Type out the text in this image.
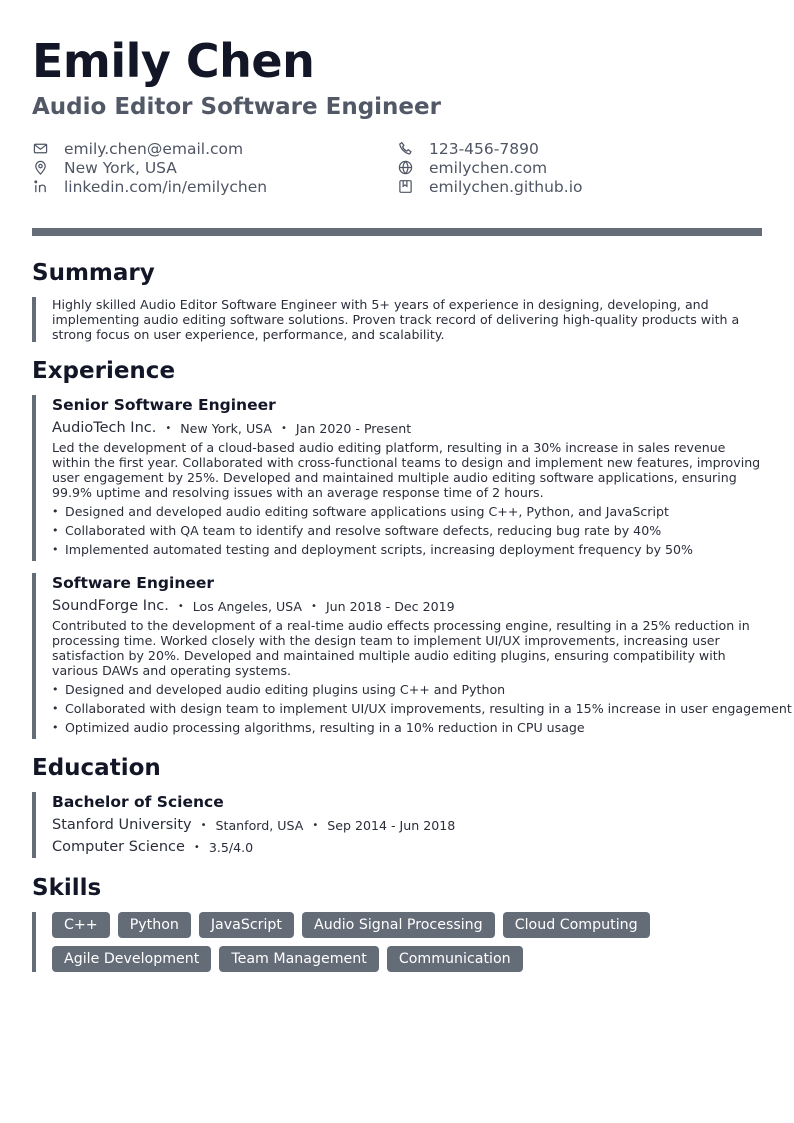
Emily Chen
Audio Editor Software Engineer
emily.chen@email.com
New York, USA
linkedin.com/in/emilychen
123-456-7890
emilychen.com
emilychen.github.io
Summary

Highly skilled Audio Editor Software Engineer with 5+ years of experience in designing, developing, and implementing audio editing software solutions. Proven track record of delivering high-quality products with a strong focus on user experience, performance, and scalability.

Experience
Senior Software Engineer
AudioTech Inc. • New York, USA • Jan 2020 - Present

Led the development of a cloud-based audio editing platform, resulting in a 30% increase in sales revenue within the first year. Collaborated with cross-functional teams to design and implement new features, improving user engagement by 25%. Developed and maintained multiple audio editing software applications, ensuring 99.9% uptime and resolving issues with an average response time of 2 hours.

• Designed and developed audio editing software applications using C++, Python, and JavaScript
• Collaborated with QA team to identify and resolve software defects, reducing bug rate by 40%
• Implemented automated testing and deployment scripts, increasing deployment frequency by 50%
Software Engineer
SoundForge Inc. • Los Angeles, USA • Jun 2018 - Dec 2019

Contributed to the development of a real-time audio effects processing engine, resulting in a 25% reduction in processing time. Worked closely with the design team to implement UI/UX improvements, increasing user satisfaction by 20%. Developed and maintained multiple audio editing plugins, ensuring compatibility with various DAWs and operating systems.

• Designed and developed audio editing plugins using C++ and Python
• Collaborated with design team to implement UI/UX improvements, resulting in a 15% increase in user engagement
• Optimized audio processing algorithms, resulting in a 10% reduction in CPU usage
Education
Bachelor of Science
Stanford University • Stanford, USA • Sep 2014 - Jun 2018
Computer Science • 3.5/4.0
Skills
C++	Python	JavaScript	Audio Signal Processing	Cloud Computing
Agile Development	Team Management	Communication
